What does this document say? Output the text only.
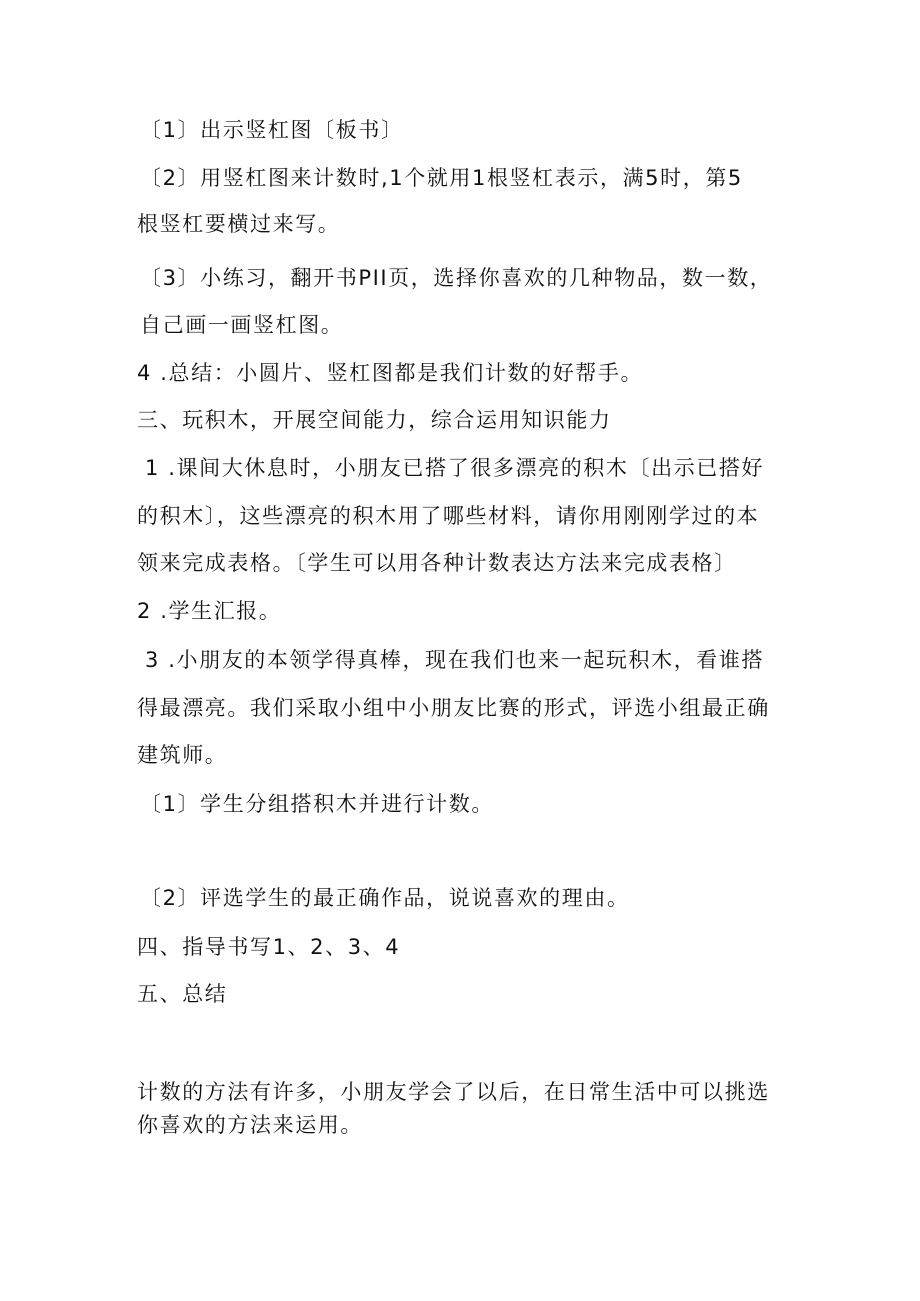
〔1〕出示竖杠图〔板书〕
〔2〕用竖杠图来计数时,1个就用1根竖杠表示，满5时，第5
根竖杠要横过来写。
〔3〕小练习，翻开书PII页，选择你喜欢的几种物品，数一数，
自己画一画竖杠图。
4 .总结：小圆片、竖杠图都是我们计数的好帮手。
三、玩积木，开展空间能力，综合运用知识能力
1 .课间大休息时，小朋友已搭了很多漂亮的积木〔出示已搭好
的积木〕，这些漂亮的积木用了哪些材料，请你用刚刚学过的本
领来完成表格。〔学生可以用各种计数表达方法来完成表格〕
2 .学生汇报。
3 .小朋友的本领学得真棒，现在我们也来一起玩积木，看谁搭
得最漂亮。我们采取小组中小朋友比赛的形式，评选小组最正确
建筑师。
〔1〕学生分组搭积木并进行计数。
〔2〕评选学生的最正确作品，说说喜欢的理由。
四、指导书写1、2、3、4
五、总结
计数的方法有许多，小朋友学会了以后，在日常生活中可以挑选
你喜欢的方法来运用。
